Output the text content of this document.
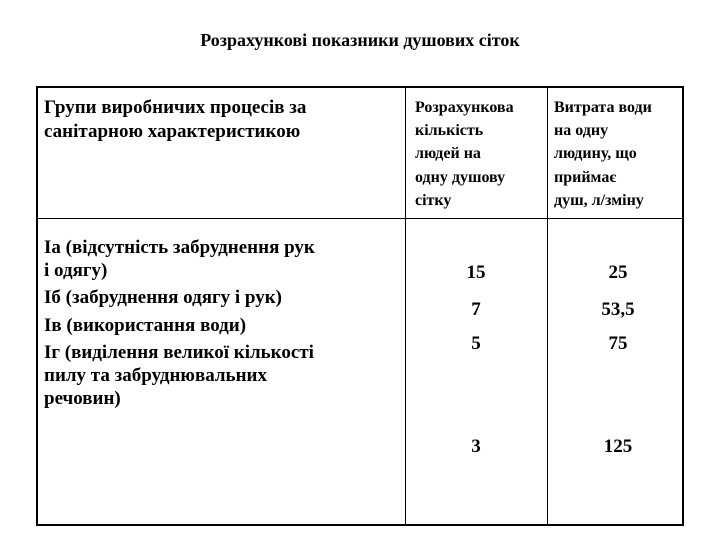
Розрахункові показники душових сіток
Групи виробничих процесів за санітарною характеристикою
Розрахункова
кількість
людей на
одну душову
сітку
Витрата води
на одну
людину, що
приймає
душ, л/зміну
Іа (відсутність забруднення рук
і одягу)
Іб (забруднення одягу і рук)
Ів (використання води)
Іг (виділення великої кількості
пилу та забруднювальних
речовин)
15
7
5
3
25
53,5
75
125
